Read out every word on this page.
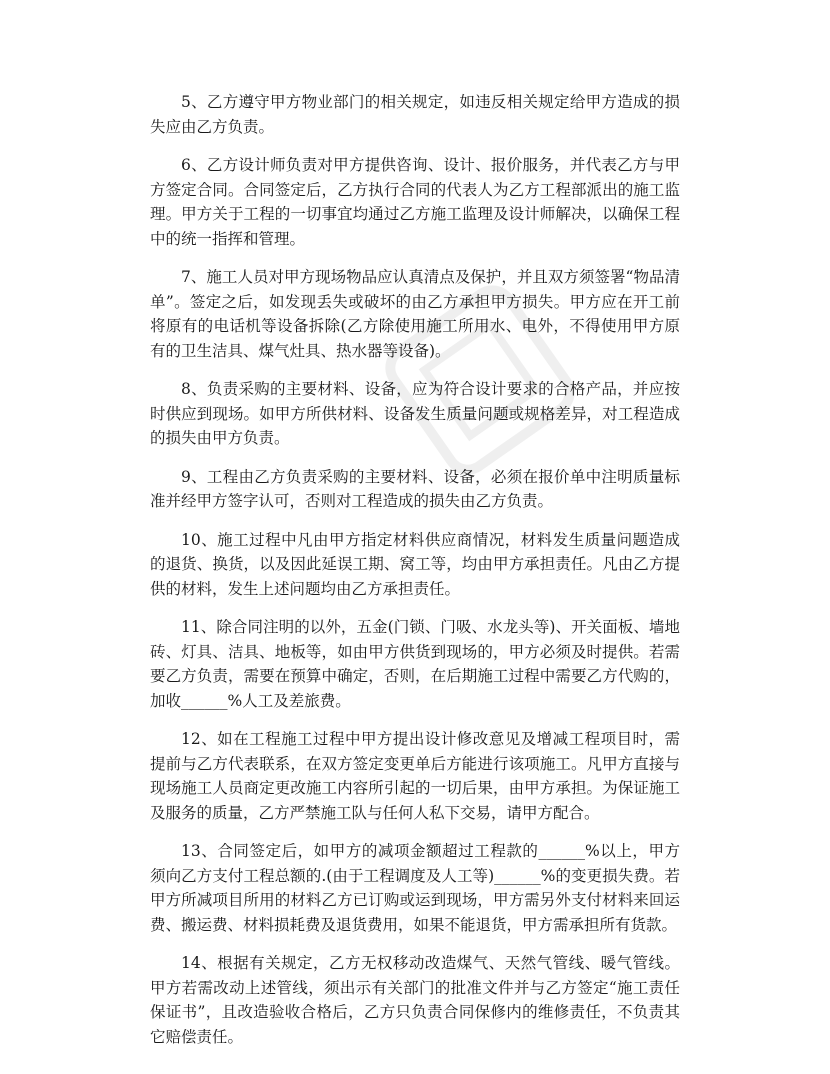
5、乙方遵守甲方物业部门的相关规定，如违反相关规定给甲方造成的损失应由乙方负责。

6、乙方设计师负责对甲方提供咨询、设计、报价服务，并代表乙方与甲方签定合同。合同签定后，乙方执行合同的代表人为乙方工程部派出的施工监理。甲方关于工程的一切事宜均通过乙方施工监理及设计师解决，以确保工程中的统一指挥和管理。

7、施工人员对甲方现场物品应认真清点及保护，并且双方须签署“物品清单”。签定之后，如发现丢失或破坏的由乙方承担甲方损失。甲方应在开工前将原有的电话机等设备拆除(乙方除使用施工所用水、电外，不得使用甲方原有的卫生洁具、煤气灶具、热水器等设备)。

8、负责采购的主要材料、设备，应为符合设计要求的合格产品，并应按时供应到现场。如甲方所供材料、设备发生质量问题或规格差异，对工程造成的损失由甲方负责。

9、工程由乙方负责采购的主要材料、设备，必须在报价单中注明质量标准并经甲方签字认可，否则对工程造成的损失由乙方负责。

10、施工过程中凡由甲方指定材料供应商情况，材料发生质量问题造成的退货、换货，以及因此延误工期、窝工等，均由甲方承担责任。凡由乙方提供的材料，发生上述问题均由乙方承担责任。

11、除合同注明的以外，五金(门锁、门吸、水龙头等)、开关面板、墙地砖、灯具、洁具、地板等，如由甲方供货到现场的，甲方必须及时提供。若需要乙方负责，需要在预算中确定，否则，在后期施工过程中需要乙方代购的，加收______%人工及差旅费。

12、如在工程施工过程中甲方提出设计修改意见及增减工程项目时，需提前与乙方代表联系，在双方签定变更单后方能进行该项施工。凡甲方直接与现场施工人员商定更改施工内容所引起的一切后果，由甲方承担。为保证施工及服务的质量，乙方严禁施工队与任何人私下交易，请甲方配合。

13、合同签定后，如甲方的减项金额超过工程款的______%以上，甲方须向乙方支付工程总额的.(由于工程调度及人工等)______%的变更损失费。若甲方所减项目所用的材料乙方已订购或运到现场，甲方需另外支付材料来回运费、搬运费、材料损耗费及退货费用，如果不能退货，甲方需承担所有货款。

14、根据有关规定，乙方无权移动改造煤气、天然气管线、暖气管线。甲方若需改动上述管线，须出示有关部门的批准文件并与乙方签定“施工责任保证书”，且改造验收合格后，乙方只负责合同保修内的维修责任，不负责其它赔偿责任。
